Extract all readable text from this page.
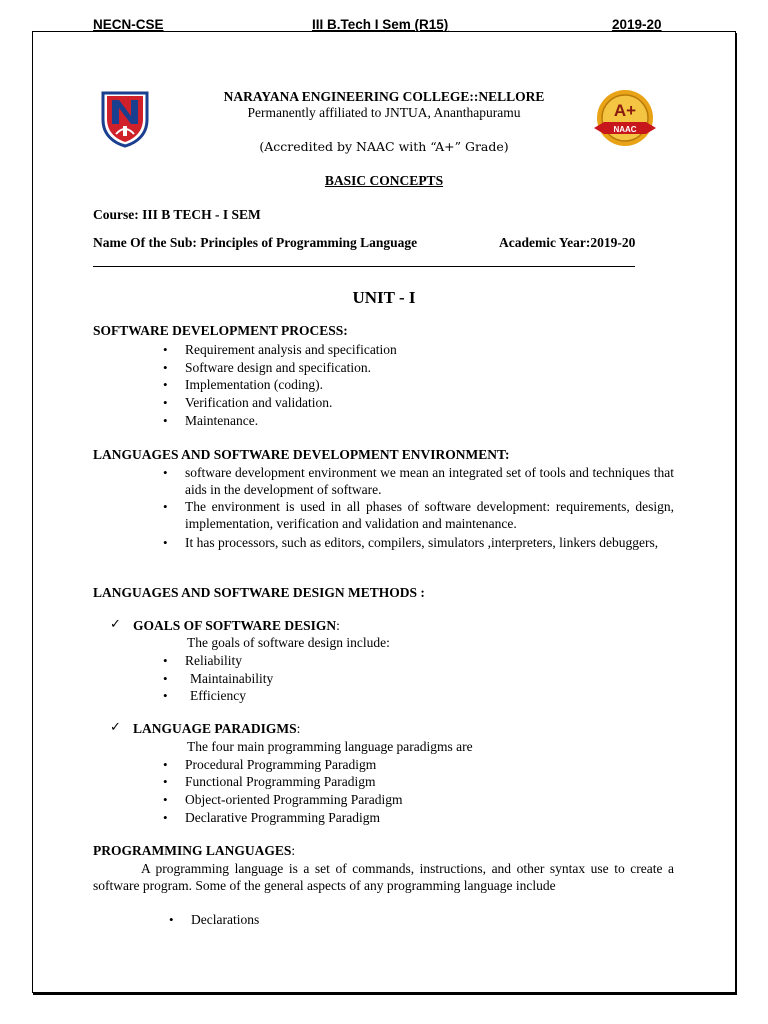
NECN-CSE	III B.Tech I Sem (R15)	2019-20
A+
NAAC
NARAYANA ENGINEERING COLLEGE::NELLORE
Permanently affiliated to JNTUA, Ananthapuramu
(Accredited by NAAC with “A+” Grade)
BASIC CONCEPTS
Course: III B TECH - I SEM
Name Of the Sub: Principles of Programming Language	Academic Year:2019-20
UNIT - I
SOFTWARE DEVELOPMENT PROCESS:
• Requirement analysis and specification
• Software design and specification.
• Implementation (coding).
• Verification and validation.
• Maintenance.
LANGUAGES AND SOFTWARE DEVELOPMENT ENVIRONMENT:
• software development environment we mean an integrated set of tools and techniques that aids in the development of software.
• The environment is used in all phases of software development: requirements, design, implementation, verification and validation and maintenance.
• It has processors, such as editors, compilers, simulators ,interpreters, linkers debuggers,
LANGUAGES AND SOFTWARE DESIGN METHODS :
✓ GOALS OF SOFTWARE DESIGN:
The goals of software design include:
• Reliability
• Maintainability
• Efficiency
✓ LANGUAGE PARADIGMS:
The four main programming language paradigms are
• Procedural Programming Paradigm
• Functional Programming Paradigm
• Object-oriented Programming Paradigm
• Declarative Programming Paradigm
PROGRAMMING LANGUAGES:
A programming language is a set of commands, instructions, and other syntax use to create a software program. Some of the general aspects of any programming language include
• Declarations
